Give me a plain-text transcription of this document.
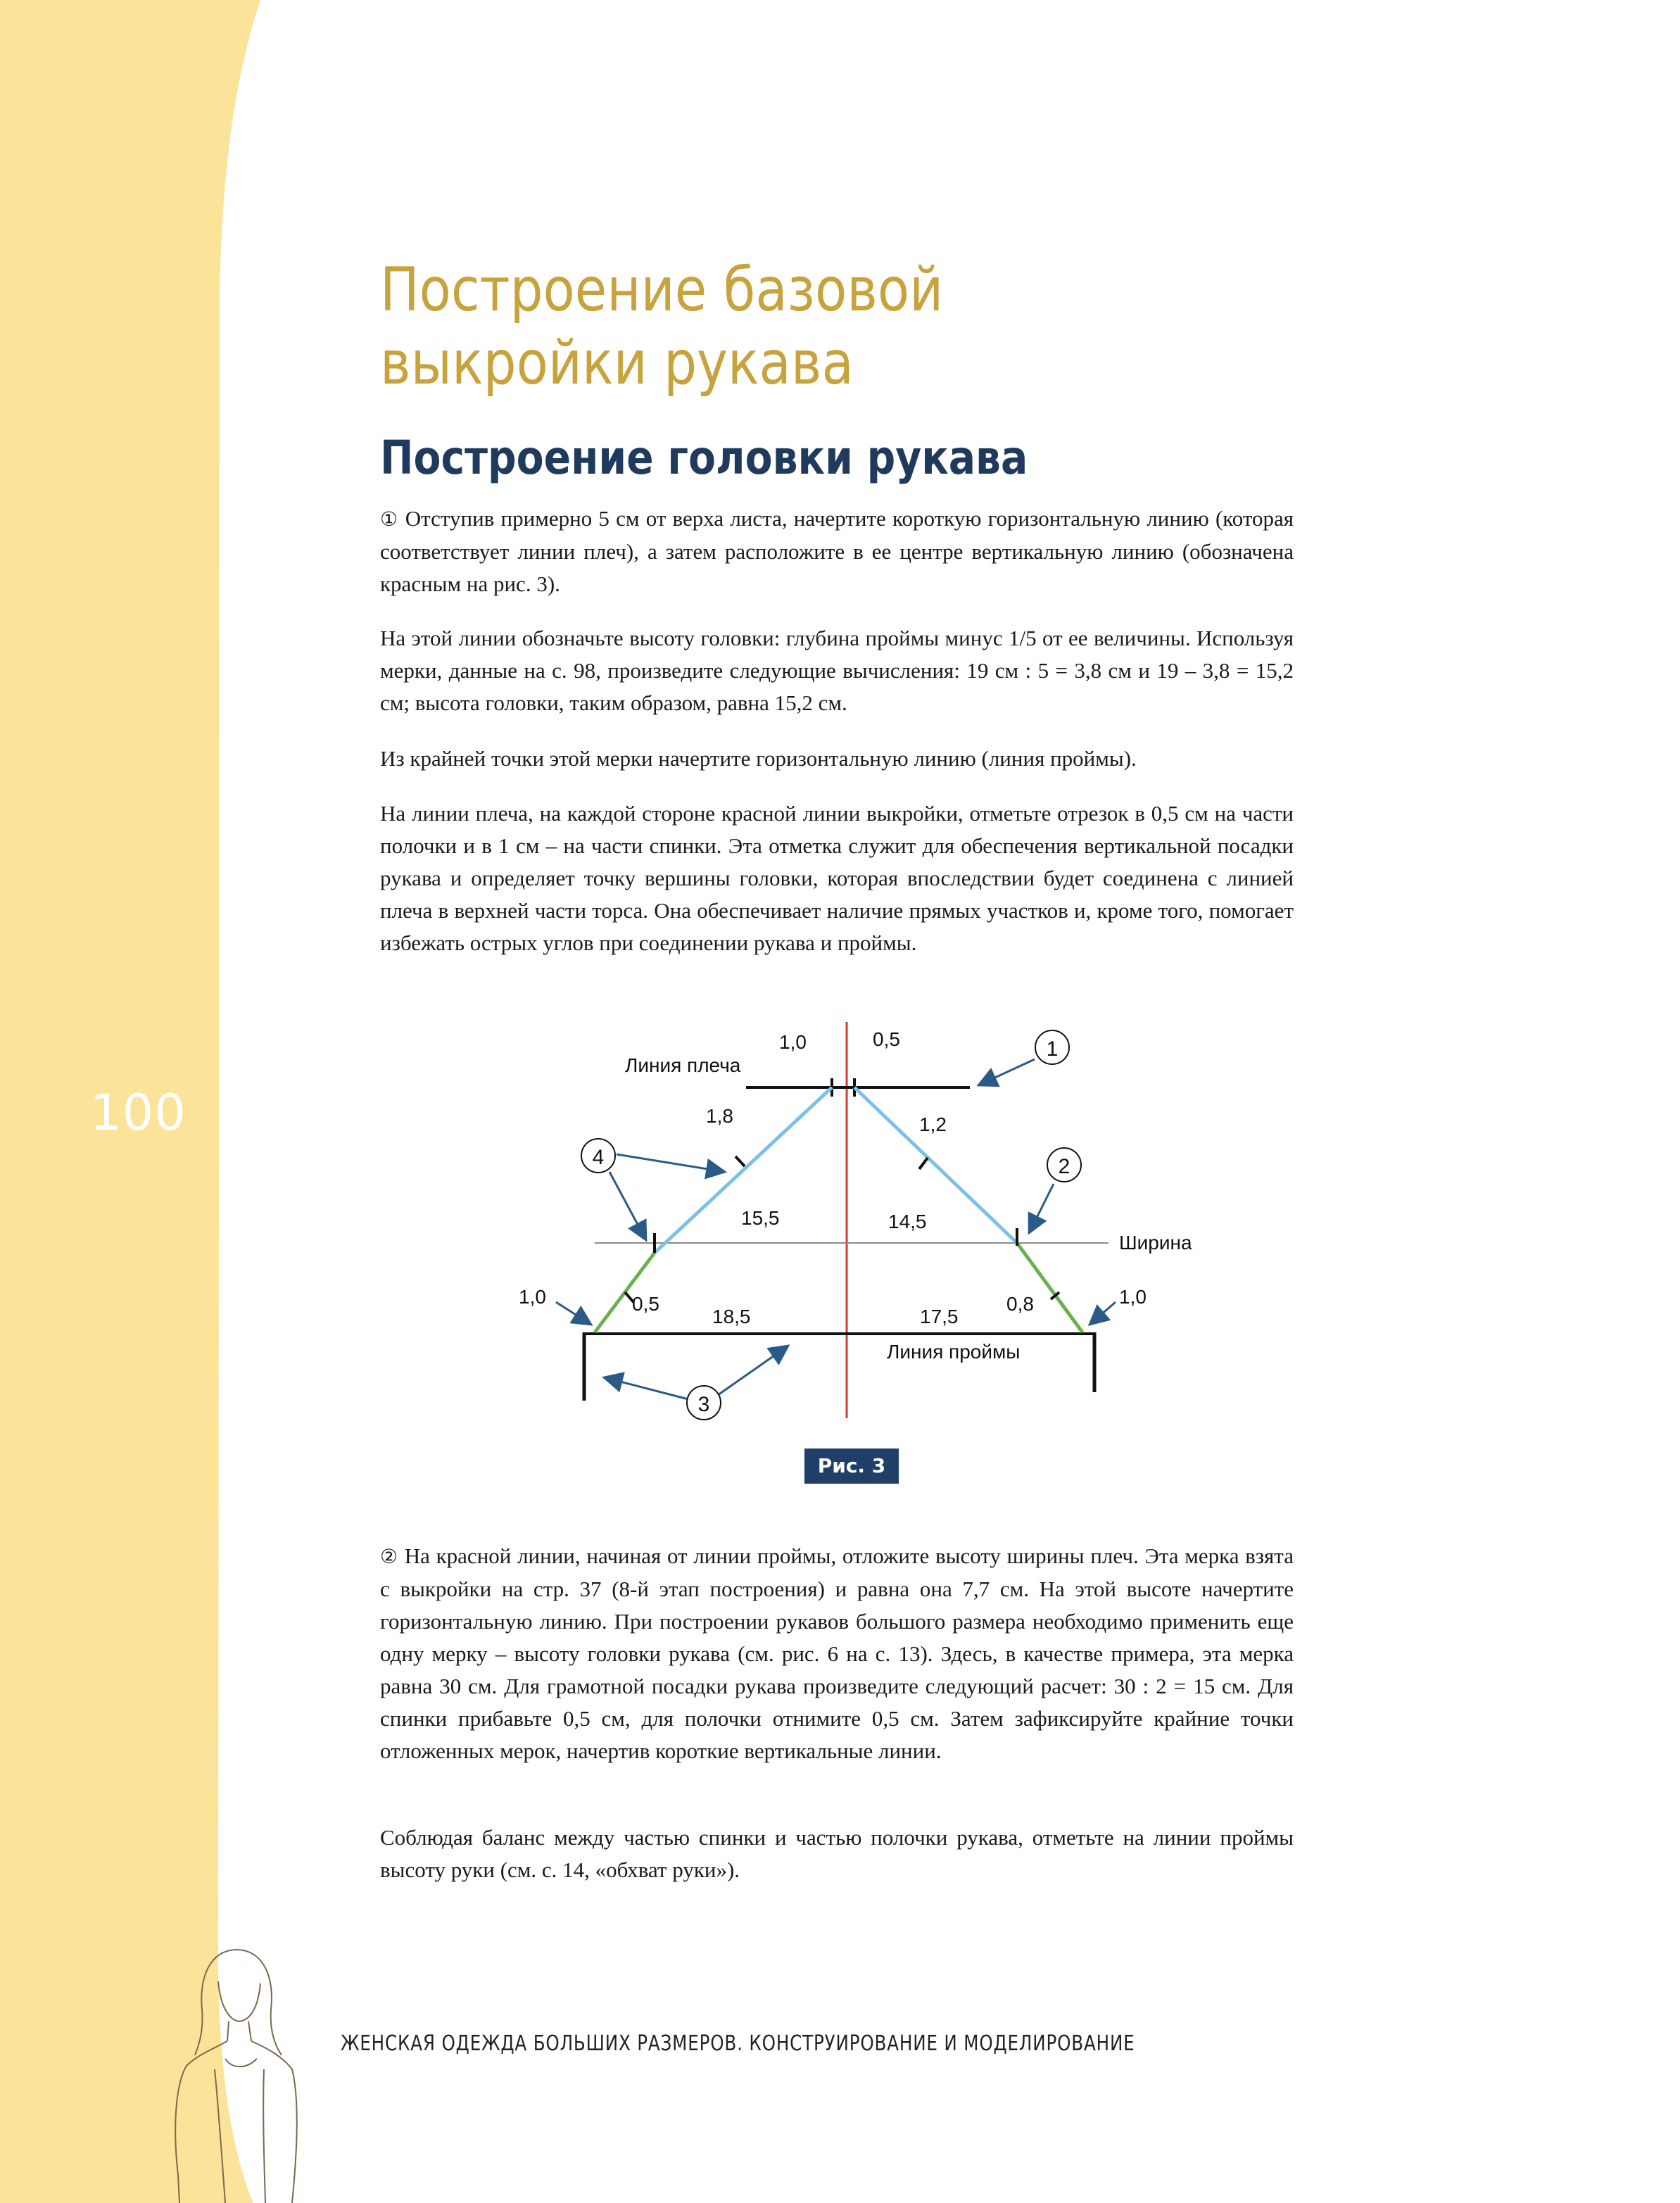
100
Построение базовой выкройки рукава
Построение головки рукава

① Отступив примерно 5 см от верха листа, начертите короткую горизонтальную линию (которая соответствует линии плеч), а затем расположите в ее центре вертикальную линию (обозначена красным на рис. 3).

На этой линии обозначьте высоту головки: глубина проймы минус 1/5 от ее величины. Используя мерки, данные на с. 98, произведите следующие вычисления: 19 см : 5 = 3,8 см и 19 – 3,8 = 15,2 см; высота головки, таким образом, равна 15,2 см.

Из крайней точки этой мерки начертите горизонтальную линию (линия проймы).

На линии плеча, на каждой стороне красной линии выкройки, отметьте отрезок в 0,5 см на части полочки и в 1 см – на части спинки. Эта отметка служит для обеспечения вертикальной посадки рукава и определяет точку вершины головки, которая впоследствии будет соединена с линией плеча в верхней части торса. Она обеспечивает наличие прямых участков и, кроме того, помогает избежать острых углов при соединении рукава и проймы.

1
2
3
4
Линия плеча
Ширина
Линия проймы
1,0	0,5
1,8	1,2
15,5	14,5
1,0	0,5
18,5	17,5
0,8	1,0
Рис. 3

② На красной линии, начиная от линии проймы, отложите высоту ширины плеч. Эта мерка взята с выкройки на стр. 37 (8-й этап построения) и равна она 7,7 см. На этой высоте начертите горизонтальную линию. При построении рукавов большого размера необходимо применить еще одну мерку – высоту головки рукава (см. рис. 6 на с. 13). Здесь, в качестве примера, эта мерка равна 30 см. Для грамотной посадки рукава произведите следующий расчет: 30 : 2 = 15 см. Для спинки прибавьте 0,5 см, для полочки отнимите 0,5 см. Затем зафиксируйте крайние точки отложенных мерок, начертив короткие вертикальные линии.

Соблюдая баланс между частью спинки и частью полочки рукава, отметьте на линии проймы высоту руки (см. с. 14, «обхват руки»).

ЖЕНСКАЯ ОДЕЖДА БОЛЬШИХ РАЗМЕРОВ. КОНСТРУИРОВАНИЕ И МОДЕЛИРОВАНИЕ
